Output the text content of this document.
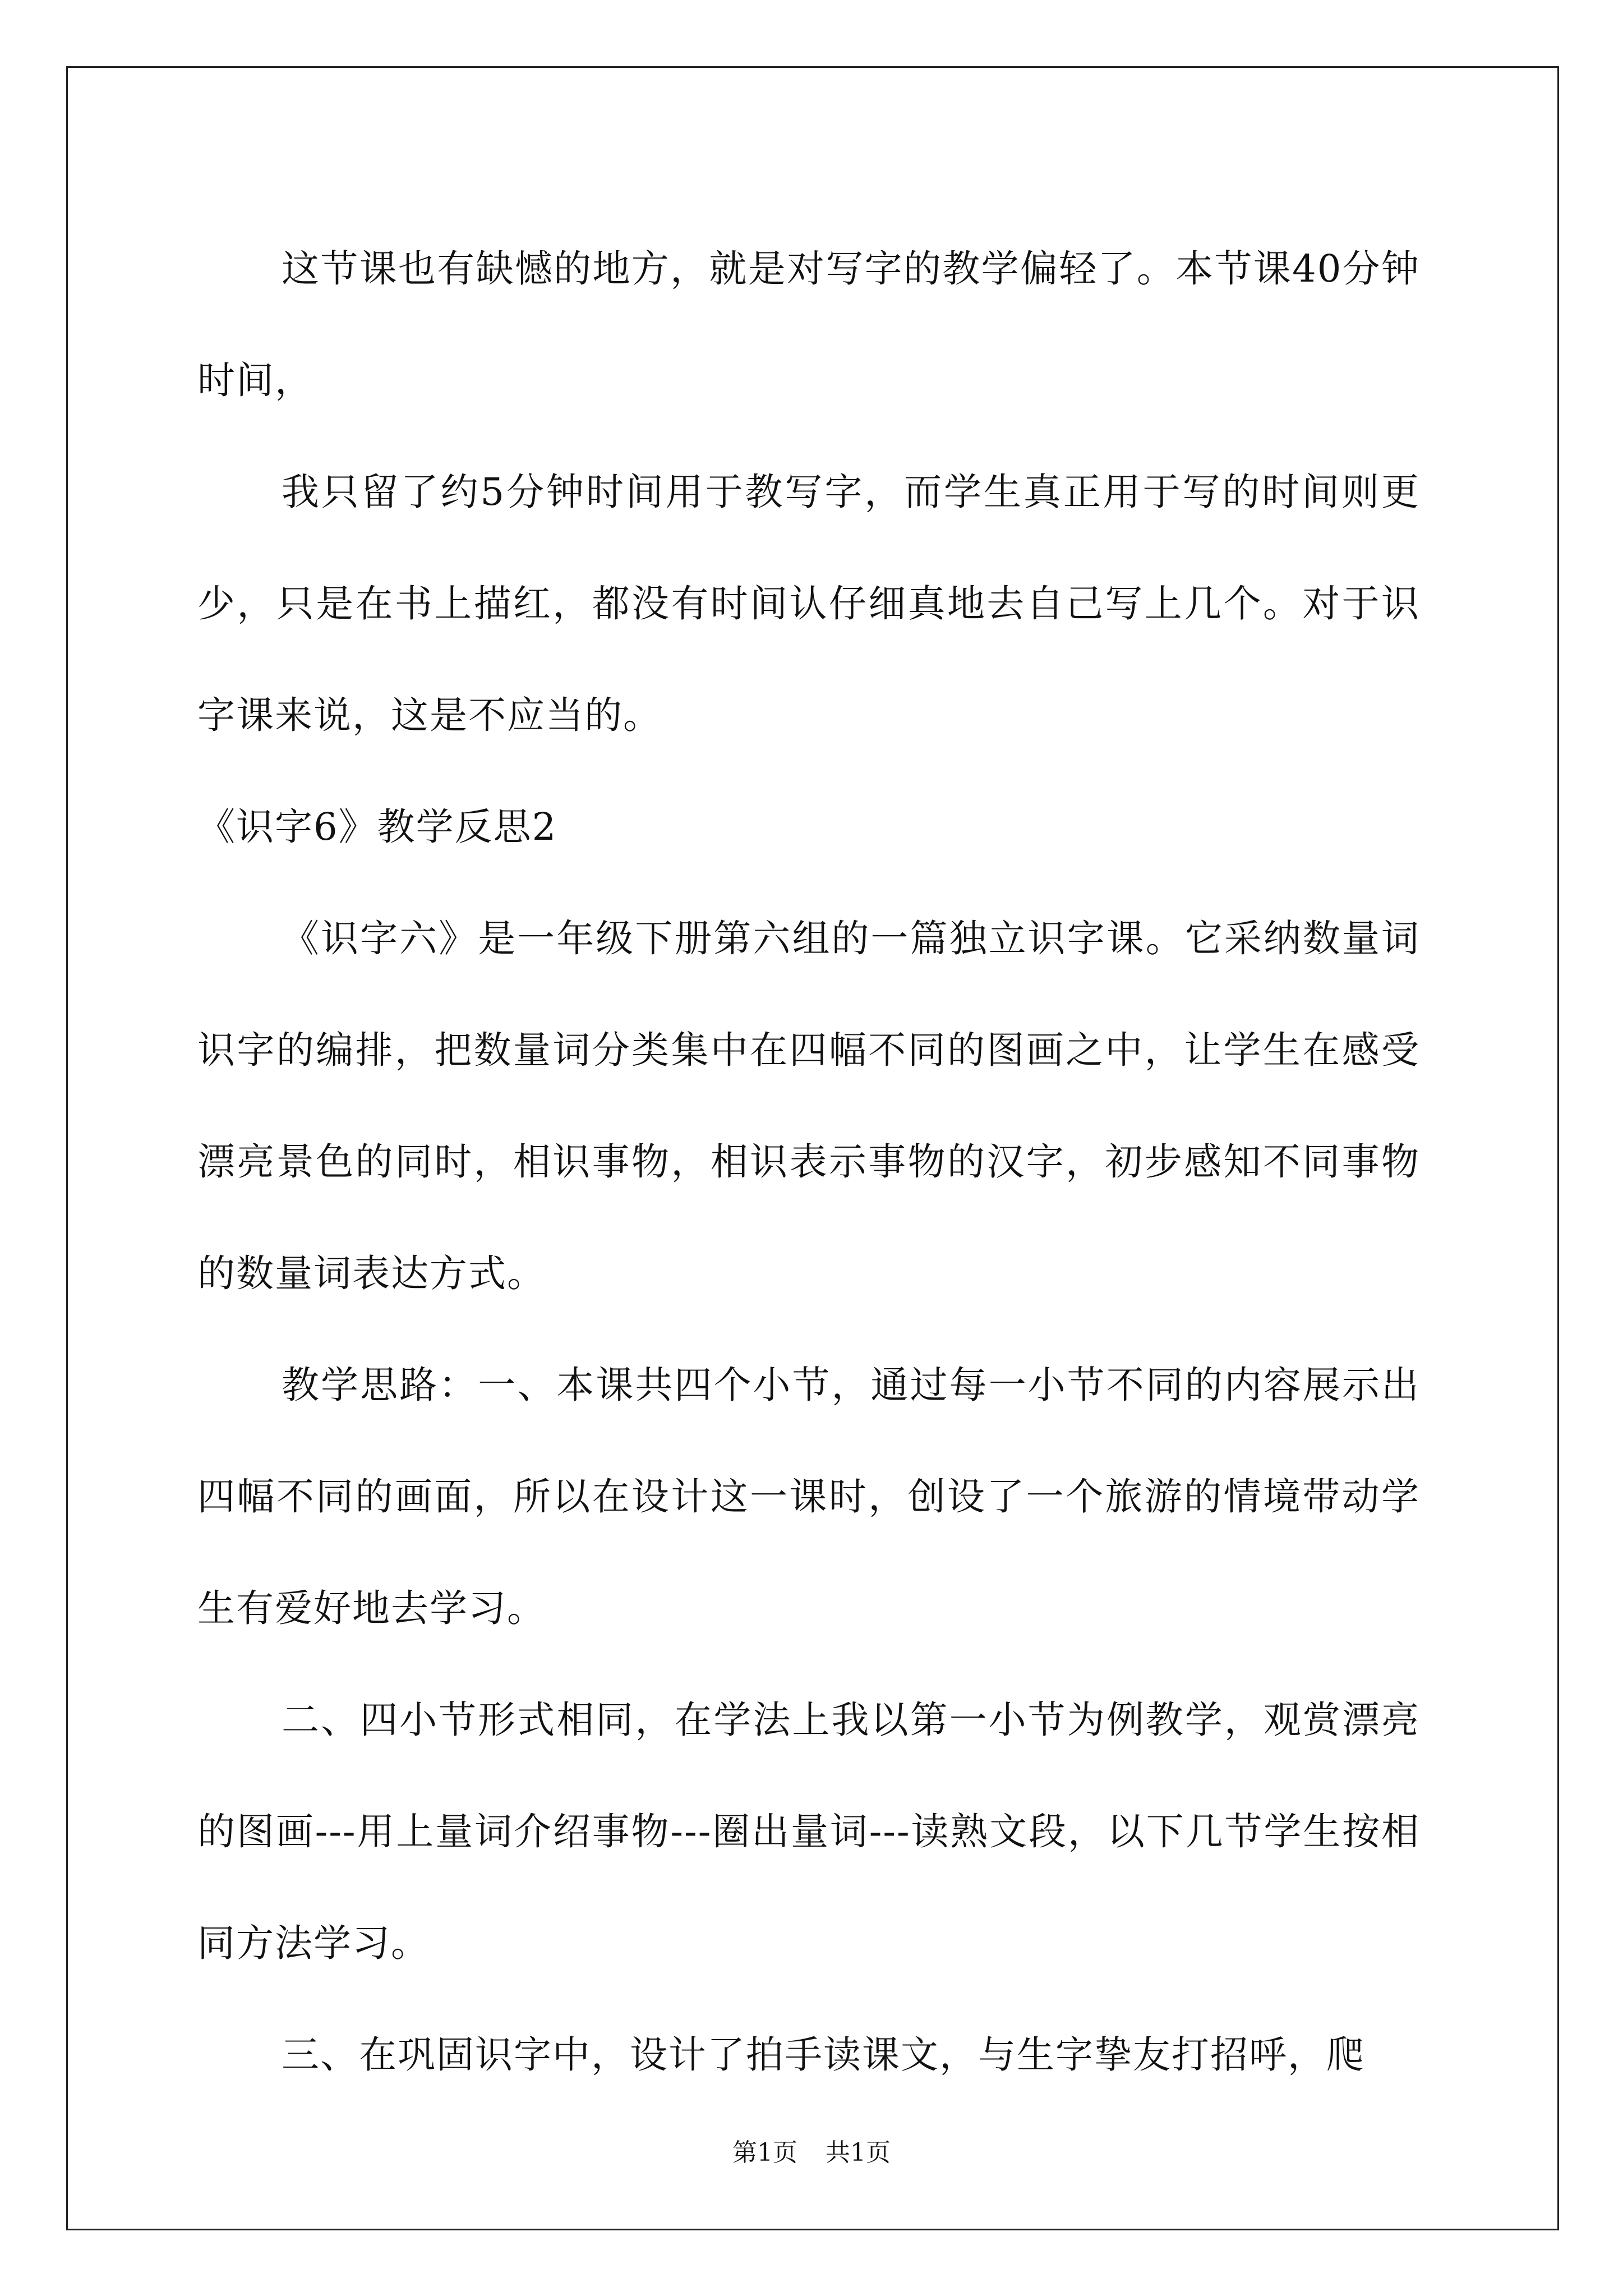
这节课也有缺憾的地方，就是对写字的教学偏轻了。本节课40分钟时间，

我只留了约5分钟时间用于教写字，而学生真正用于写的时间则更少，只是在书上描红，都没有时间认仔细真地去自己写上几个。对于识字课来说，这是不应当的。

《识字6》教学反思2

《识字六》是一年级下册第六组的一篇独立识字课。它采纳数量词识字的编排，把数量词分类集中在四幅不同的图画之中，让学生在感受漂亮景色的同时，相识事物，相识表示事物的汉字，初步感知不同事物的数量词表达方式。

教学思路：一、本课共四个小节，通过每一小节不同的内容展示出四幅不同的画面，所以在设计这一课时，创设了一个旅游的情境带动学生有爱好地去学习。

二、四小节形式相同，在学法上我以第一小节为例教学，观赏漂亮的图画---用上量词介绍事物---圈出量词---读熟文段，以下几节学生按相同方法学习。

三、在巩固识字中，设计了拍手读课文，与生字挚友打招呼，爬

第1页 共1页
